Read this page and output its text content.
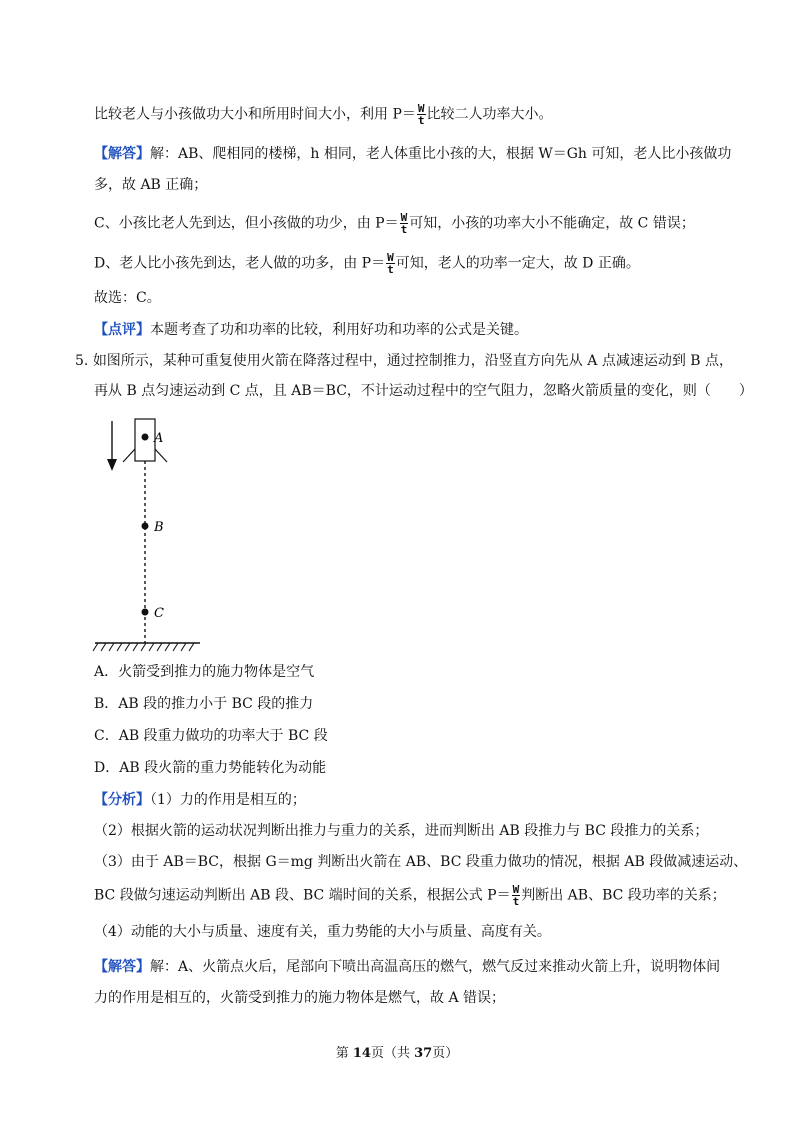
比较老人与小孩做功大小和所用时间大小，利用 $P= \frac{W}{t}$ 比较二人功率大小。
【解答】解：AB、爬相同的楼梯，h 相同，老人体重比小孩的大，根据 W＝Gh 可知，老人比小孩做功
多，故 AB 正确；
C、小孩比老人先到达，但小孩做的功少，由 $P= \frac{W}{t}$ 可知，小孩的功率大小不能确定，故 C 错误；
D、老人比小孩先到达，老人做的功多，由 $P= \frac{W}{t}$ 可知，老人的功率一定大，故 D 正确。
故选：C。
【点评】本题考查了功和功率的比较，利用好功和功率的公式是关键。
5. 如图所示，某种可重复使用火箭在降落过程中，通过控制推力，沿竖直方向先从 A 点减速运动到 B 点，
再从 B 点匀速运动到 C 点，且 AB＝BC，不计运动过程中的空气阻力，忽略火箭质量的变化，则（　　）
A
B
C
A．火箭受到推力的施力物体是空气
B．AB 段的推力小于 BC 段的推力
C．AB 段重力做功的功率大于 BC 段
D．AB 段火箭的重力势能转化为动能
【分析】（1）力的作用是相互的；
（2）根据火箭的运动状况判断出推力与重力的关系，进而判断出 AB 段推力与 BC 段推力的关系；
（3）由于 AB＝BC，根据 G＝mg 判断出火箭在 AB、BC 段重力做功的情况，根据 AB 段做减速运动、
BC 段做匀速运动判断出 AB 段、BC 端时间的关系，根据公式 $P= \frac{W}{t}$ 判断出 AB、BC 段功率的关系；
（4）动能的大小与质量、速度有关，重力势能的大小与质量、高度有关。
【解答】解：A、火箭点火后，尾部向下喷出高温高压的燃气，燃气反过来推动火箭上升，说明物体间
力的作用是相互的，火箭受到推力的施力物体是燃气，故 A 错误；
第 14页（共 37页）
